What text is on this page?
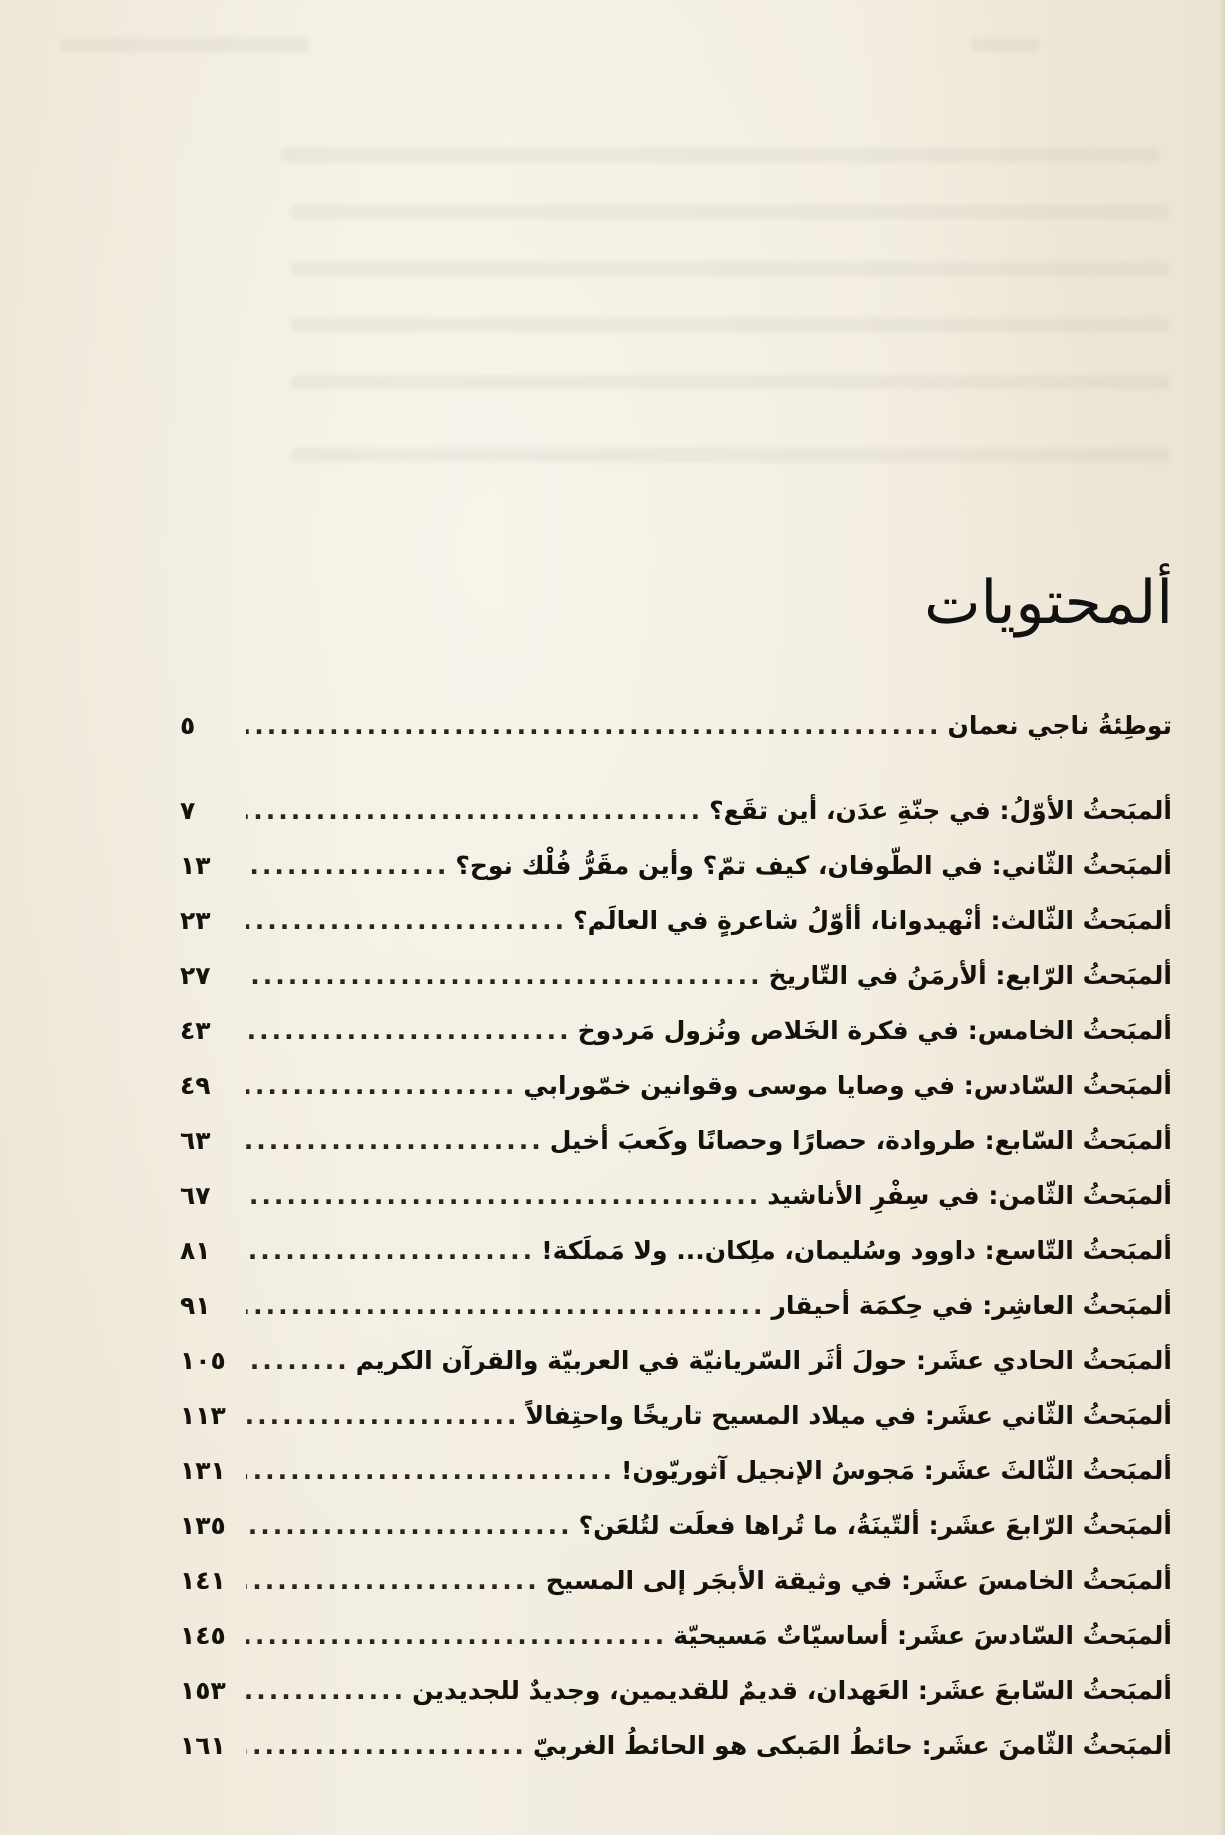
ألمحتويات
توطِئةُ ناجي نعمان
.....
٥
ألمبَحثُ الأوّلُ: في جنّةِ عدَن، أين تقَع؟
.....
٧
ألمبَحثُ الثّاني: في الطّوفان، كيف تمّ؟ وأين مقَرُّ فُلْك نوح؟
.....
١٣
ألمبَحثُ الثّالث: أنْهيدوانا، أأوّلُ شاعرةٍ في العالَم؟
.....
٢٣
ألمبَحثُ الرّابع: ألأرمَنُ في التّاريخ
.....
٢٧
ألمبَحثُ الخامس: في فكرة الخَلاص ونُزول مَردوخ
.....
٤٣
ألمبَحثُ السّادس: في وصايا موسى وقوانين خمّورابي
.....
٤٩
ألمبَحثُ السّابع: طروادة، حصارًا وحصانًا وكَعبَ أخيل
.....
٦٣
ألمبَحثُ الثّامن: في سِفْرِ الأناشيد
.....
٦٧
ألمبَحثُ التّاسع: داوود وسُليمان، ملِكان... ولا مَملَكة!
.....
٨١
ألمبَحثُ العاشِر: في حِكمَة أحيقار
.....
٩١
ألمبَحثُ الحادي عشَر: حولَ أثَر السّريانيّة في العربيّة والقرآن الكريم
.....
١٠٥
ألمبَحثُ الثّاني عشَر: في ميلاد المسيح تاريخًا واحتِفالاً
.....
١١٣
ألمبَحثُ الثّالثَ عشَر: مَجوسُ الإنجيل آثوريّون!
.....
١٣١
ألمبَحثُ الرّابعَ عشَر: ألتّينَةُ، ما تُراها فعلَت لتُلعَن؟
.....
١٣٥
ألمبَحثُ الخامسَ عشَر: في وثيقة الأبجَر إلى المسيح
.....
١٤١
ألمبَحثُ السّادسَ عشَر: أساسيّاتٌ مَسيحيّة
.....
١٤٥
ألمبَحثُ السّابعَ عشَر: العَهدان، قديمٌ للقديمين، وجديدٌ للجديدين
.....
١٥٣
ألمبَحثُ الثّامنَ عشَر: حائطُ المَبكى هو الحائطُ الغربيّ
.....
١٦١
